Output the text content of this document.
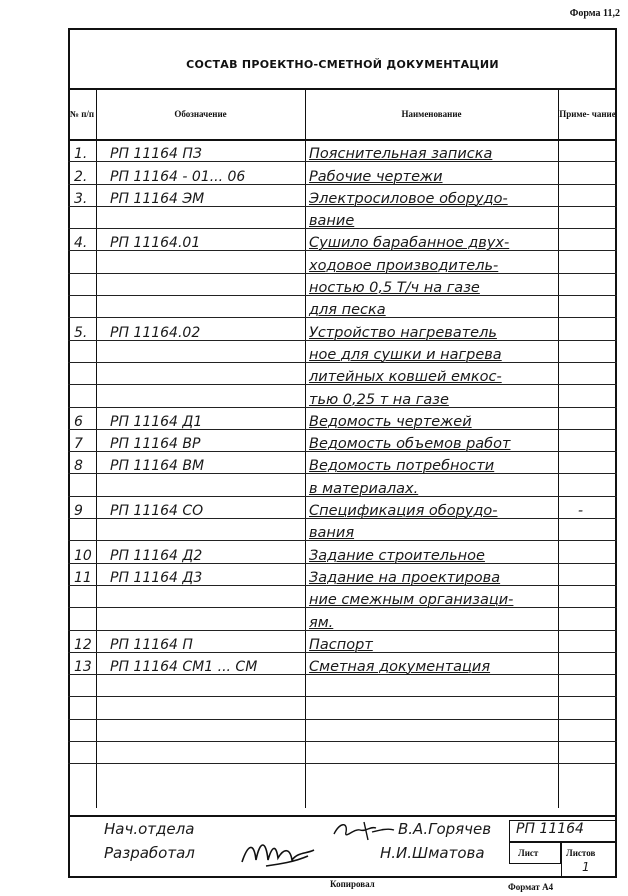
Форма 11,2
СОСТАВ ПРОЕКТНО-СМЕТНОЙ ДОКУМЕНТАЦИИ
№ п/п	Обозначение	Наименование	Приме- чание
1.	РП 11164 ПЗ	Пояснительная записка
2.	РП 11164 - 01... 06	Рабочие чертежи
3.	РП 11164 ЭМ	Электросиловое оборудо-
вание
4.	РП 11164.01	Сушило барабанное двух-
ходовое производитель-
ностью 0,5 Т/ч на газе
для песка
5.	РП 11164.02	Устройство нагреватель
ное для сушки и нагрева
литейных ковшей емкос-
тью 0,25 т на газе
6	РП 11164 Д1	Ведомость чертежей
7	РП 11164 ВР	Ведомость объемов работ
8	РП 11164 ВМ	Ведомость потребности
в материалах.
9	РП 11164 СО	Спецификация оборудо-	-
вания
10	РП 11164 Д2	Задание строительное
11	РП 11164 Д3	Задание на проектирова
ние смежным организаци-
ям.
12	РП 11164 П	Паспорт
13	РП 11164 СМ1 ... СМ	Сметная документация
Нач.отдела
Разработал
В.А.Горячев
Н.И.Шматова
РП 11164
Лист	Листов
1
Копировал	Формат А4
